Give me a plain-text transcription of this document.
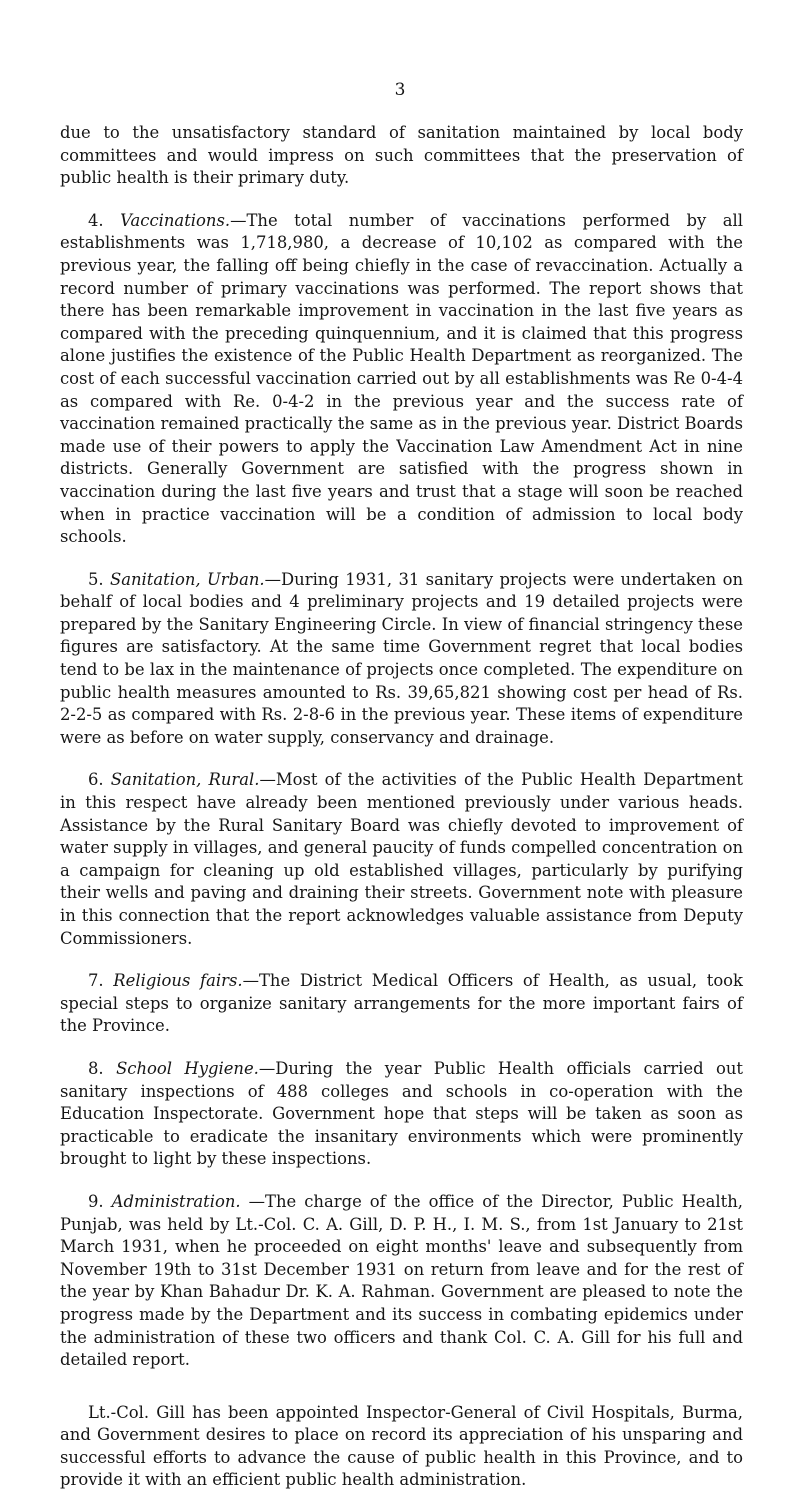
3

due to the unsatisfactory standard of sanitation maintained by local body committees and would impress on such committees that the preservation of public health is their primary duty.

4. Vaccinations.—The total number of vaccinations performed by all establishments was 1,718,980, a decrease of 10,102 as compared with the previous year, the falling off being chiefly in the case of revaccination. Actually a record number of primary vaccinations was performed. The report shows that there has been remarkable improvement in vaccination in the last five years as compared with the preceding quinquennium, and it is claimed that this progress alone justifies the existence of the Public Health Department as reorganized. The cost of each successful vaccination carried out by all establishments was Re 0-4-4 as compared with Re. 0-4-2 in the previous year and the success rate of vaccination remained practically the same as in the previous year. District Boards made use of their powers to apply the Vaccination Law Amendment Act in nine districts. Generally Government are satisfied with the progress shown in vaccination during the last five years and trust that a stage will soon be reached when in practice vaccination will be a condition of admission to local body schools.

5. Sanitation, Urban.—During 1931, 31 sanitary projects were undertaken on behalf of local bodies and 4 preliminary projects and 19 detailed projects were prepared by the Sanitary Engineering Circle. In view of financial stringency these figures are satisfactory. At the same time Government regret that local bodies tend to be lax in the maintenance of projects once completed. The expenditure on public health measures amounted to Rs. 39,65,821 showing cost per head of Rs. 2-2-5 as compared with Rs. 2-8-6 in the previous year. These items of expenditure were as before on water supply, conservancy and drainage.

6. Sanitation, Rural.—Most of the activities of the Public Health Department in this respect have already been mentioned previously under various heads. Assistance by the Rural Sanitary Board was chiefly devoted to improvement of water supply in villages, and general paucity of funds compelled concentration on a campaign for cleaning up old established villages, particularly by purifying their wells and paving and draining their streets. Government note with pleasure in this connection that the report acknowledges valuable assistance from Deputy Commissioners.

7. Religious fairs.—The District Medical Officers of Health, as usual, took special steps to organize sanitary arrangements for the more important fairs of the Province.

8. School Hygiene.—During the year Public Health officials carried out sanitary inspections of 488 colleges and schools in co-operation with the Education Inspectorate. Government hope that steps will be taken as soon as practicable to eradicate the insanitary environments which were prominently brought to light by these inspections.

9. Administration. —The charge of the office of the Director, Public Health, Punjab, was held by Lt.-Col. C. A. Gill, D. P. H., I. M. S., from 1st January to 21st March 1931, when he proceeded on eight months' leave and subsequently from November 19th to 31st December 1931 on return from leave and for the rest of the year by Khan Bahadur Dr. K. A. Rahman. Government are pleased to note the progress made by the Department and its success in combating epidemics under the administration of these two officers and thank Col. C. A. Gill for his full and detailed report.

Lt.-Col. Gill has been appointed Inspector-General of Civil Hospitals, Burma, and Government desires to place on record its appreciation of his unsparing and successful efforts to advance the cause of public health in this Province, and to provide it with an efficient public health administration.
